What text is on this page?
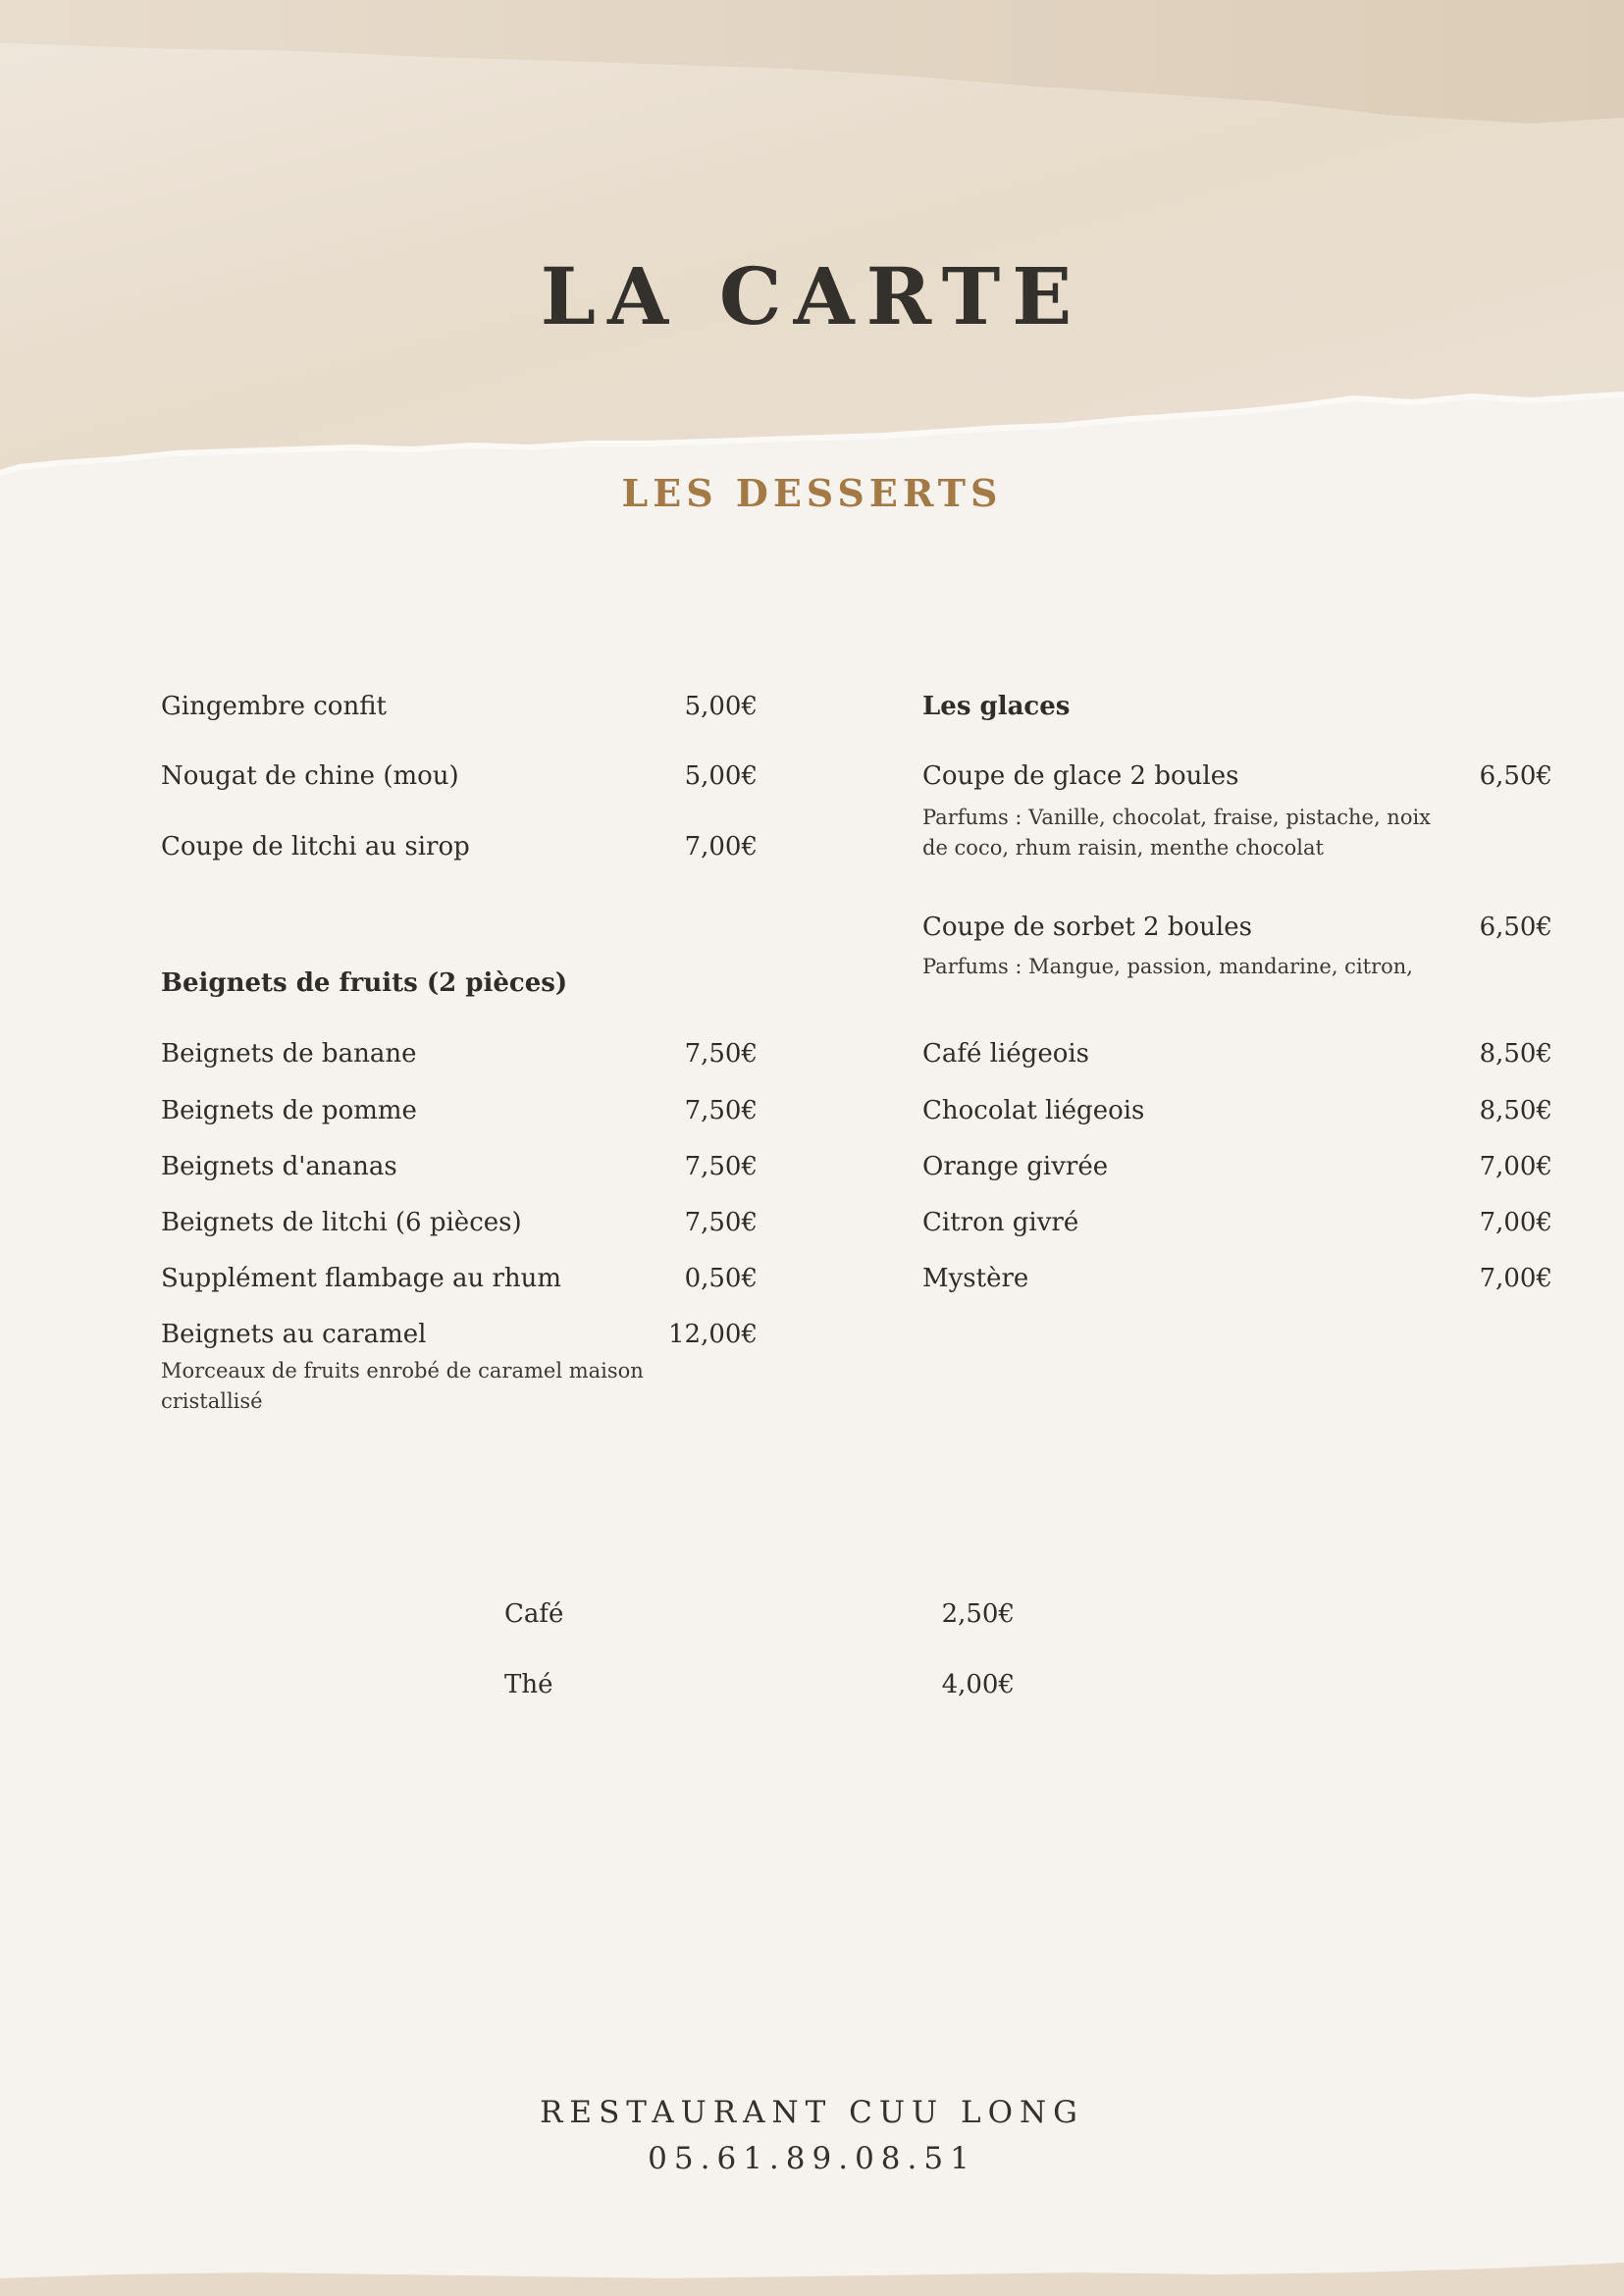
LA CARTE
LES DESSERTS
Gingembre confit	5,00€
Nougat de chine (mou)	5,00€
Coupe de litchi au sirop	7,00€
Beignets de fruits (2 pièces)
Beignets de banane	7,50€
Beignets de pomme	7,50€
Beignets d'ananas	7,50€
Beignets de litchi (6 pièces)	7,50€
Supplément flambage au rhum	0,50€
Beignets au caramel	12,00€
Morceaux de fruits enrobé de caramel maison cristallisé
Les glaces
Coupe de glace 2 boules	6,50€
Parfums : Vanille, chocolat, fraise, pistache, noix de coco, rhum raisin, menthe chocolat
Coupe de sorbet 2 boules	6,50€
Parfums : Mangue, passion, mandarine, citron,
Café liégeois	8,50€
Chocolat liégeois	8,50€
Orange givrée	7,00€
Citron givré	7,00€
Mystère	7,00€
Café	2,50€
Thé	4,00€
RESTAURANT CUU LONG
05.61.89.08.51
